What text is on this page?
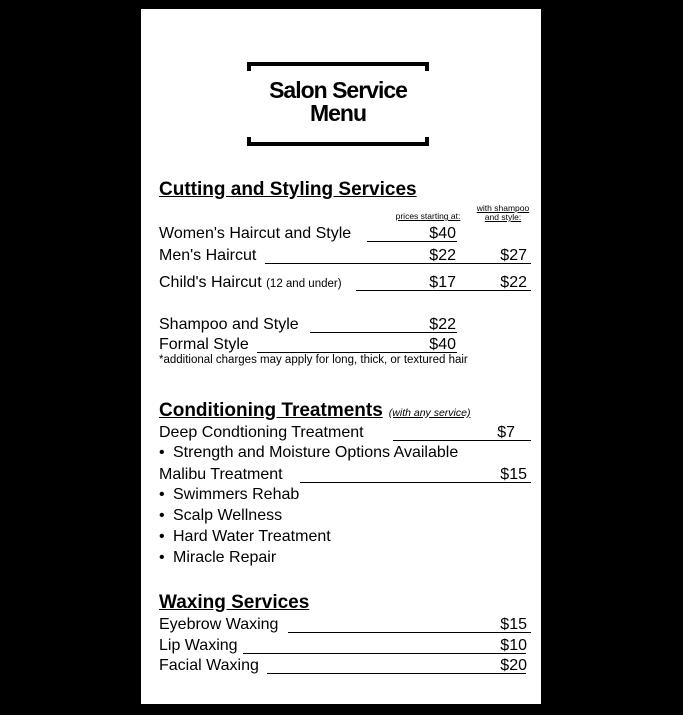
Salon Service
Menu
Cutting and Styling Services
prices starting at:
with shampoo
and style:
Women's Haircut and Style	$40
Men's Haircut	$22	$27
Child's Haircut (12 and under)	$17	$22
Shampoo and Style	$22
Formal Style	$40
*additional charges may apply for long, thick, or textured hair
Conditioning Treatments (with any service)
Deep Condtioning Treatment	$7
• Strength and Moisture Options Available
Malibu Treatment	$15
• Swimmers Rehab
• Scalp Wellness
• Hard Water Treatment
• Miracle Repair
Waxing Services
Eyebrow Waxing	$15
Lip Waxing	$10
Facial Waxing	$20
